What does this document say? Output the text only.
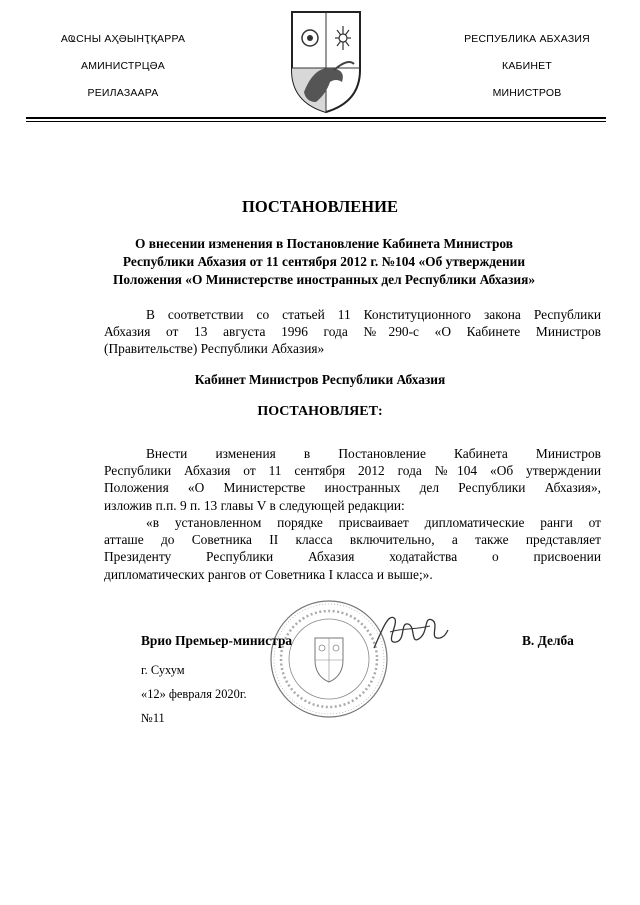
АҨСНЫ АҲӘЫНҬҚАРРА
АМИНИСТРЦӘА
РЕИЛАЗААРА
РЕСПУБЛИКА АБХАЗИЯ
КАБИНЕТ
МИНИСТРОВ
ПОСТАНОВЛЕНИЕ
О внесении изменения в Постановление Кабинета Министров
Республики Абхазия от 11 сентября 2012 г. №104 «Об утверждении
Положения «О Министерстве иностранных дел Республики Абхазия»
В соответствии со статьей 11 Конституционного закона Республики
Абхазия от 13 августа 1996 года №290-с «О Кабинете Министров
(Правительстве) Республики Абхазия»
Кабинет Министров Республики Абхазия
ПОСТАНОВЛЯЕТ:
Внести изменения в Постановление Кабинета Министров
Республики Абхазия от 11 сентября 2012 года №104 «Об утверждении
Положения «О Министерстве иностранных дел Республики Абхазия»,
изложив п.п. 9 п. 13 главы V в следующей редакции:
«в установленном порядке присваивает дипломатические ранги от
атташе до Советника II класса включительно, а также представляет
Президенту Республики Абхазия ходатайства о присвоении
дипломатических рангов от Советника I класса и выше;».
Врио Премьер-министра	В. Делба
г. Сухум
«12» февраля 2020г.
№11
